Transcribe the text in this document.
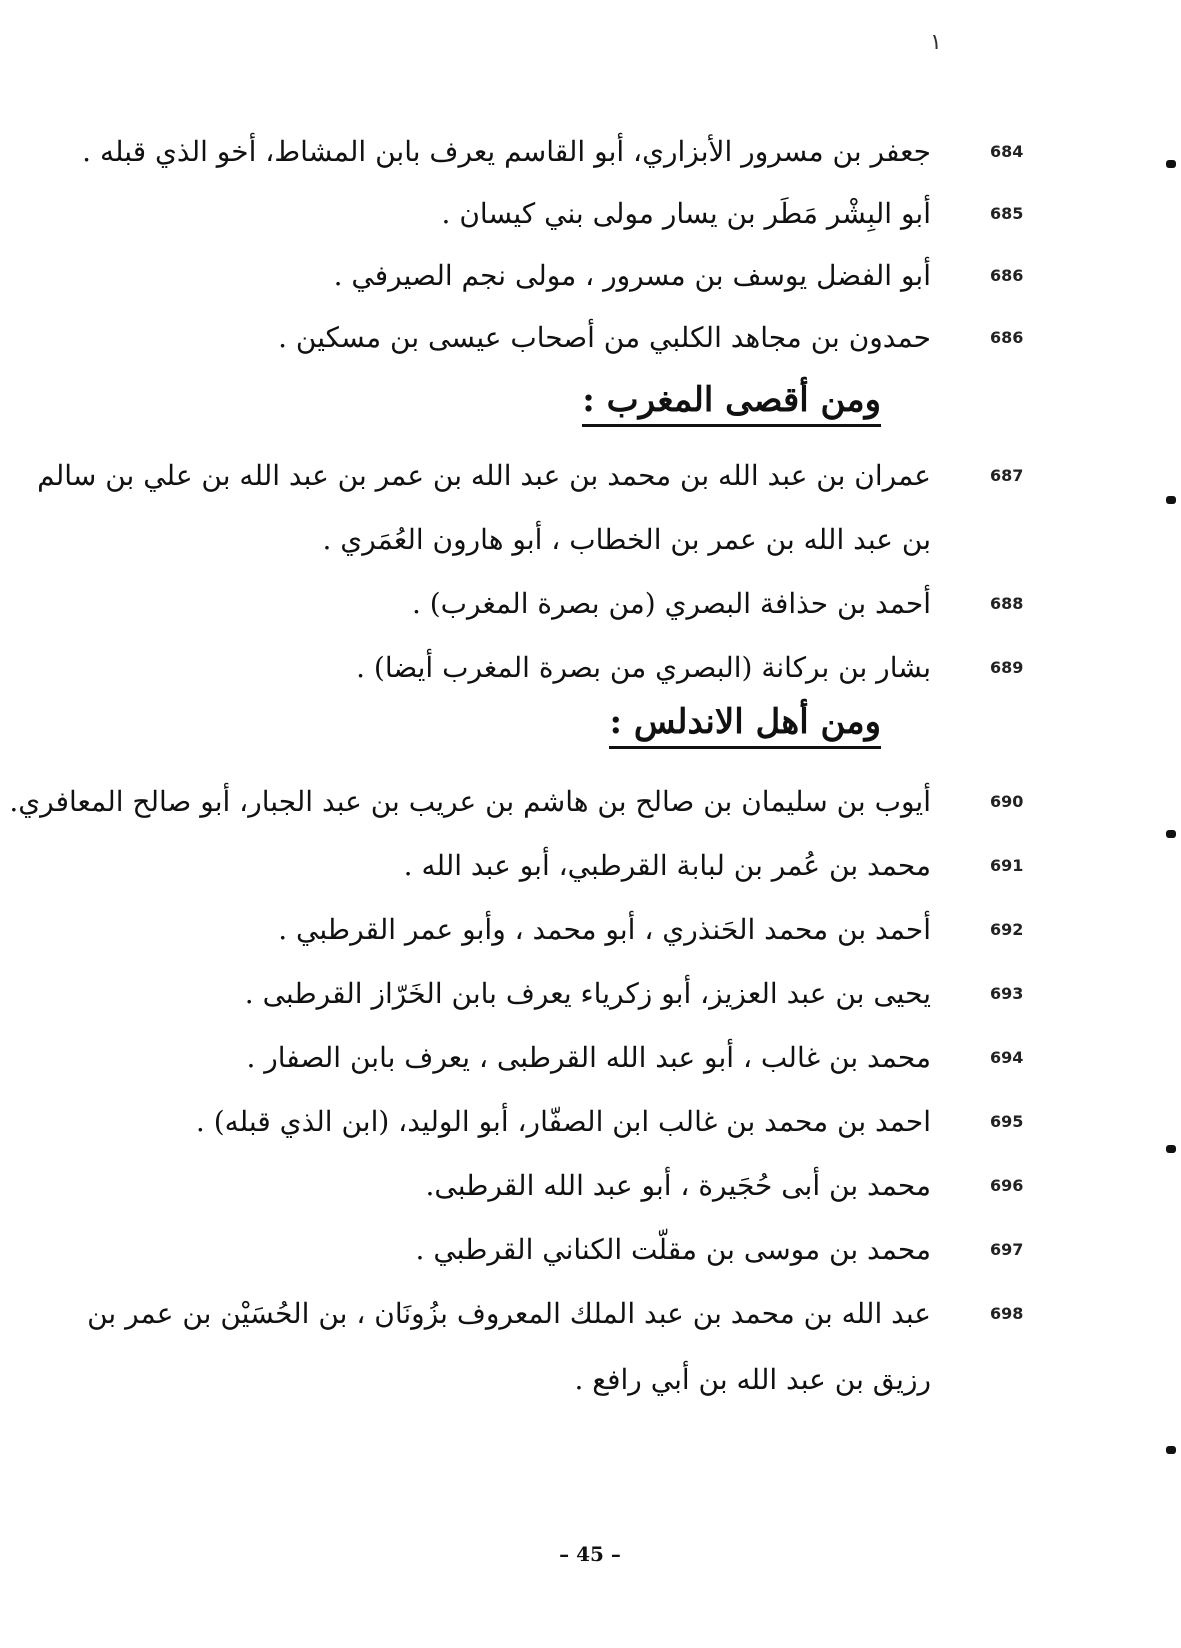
١
جعفر بن مسرور الأبزاري، أبو القاسم يعرف بابن المشاط، أخو الذي قبله .	684
أبو البِشْر مَطَر بن يسار مولى بني كيسان .	685
أبو الفضل يوسف بن مسرور ، مولى نجم الصيرفي .	686
حمدون بن مجاهد الكلبي من أصحاب عيسى بن مسكين .	686
ومن أقصى المغرب :
عمران بن عبد الله بن محمد بن عبد الله بن عمر بن عبد الله بن علي بن سالم	687
بن عبد الله بن عمر بن الخطاب ، أبو هارون العُمَري .
أحمد بن حذافة البصري (من بصرة المغرب) .	688
بشار بن بركانة (البصري من بصرة المغرب أيضا) .	689
ومن أهل الاندلس :
أيوب بن سليمان بن صالح بن هاشم بن عريب بن عبد الجبار، أبو صالح المعافري.	690
محمد بن عُمر بن لبابة القرطبي، أبو عبد الله .	691
أحمد بن محمد الحَنذري ، أبو محمد ، وأبو عمر القرطبي .	692
يحيى بن عبد العزيز، أبو زكرياء يعرف بابن الخَرّاز القرطبى .	693
محمد بن غالب ، أبو عبد الله القرطبى ، يعرف بابن الصفار .	694
احمد بن محمد بن غالب ابن الصفّار، أبو الوليد، (ابن الذي قبله) .	695
محمد بن أبى حُجَيرة ، أبو عبد الله القرطبى.	696
محمد بن موسى بن مقلّت الكناني القرطبي .	697
عبد الله بن محمد بن عبد الملك المعروف بزُونَان ، بن الحُسَيْن بن عمر بن	698
رزيق بن عبد الله بن أبي رافع .
– 45 –
